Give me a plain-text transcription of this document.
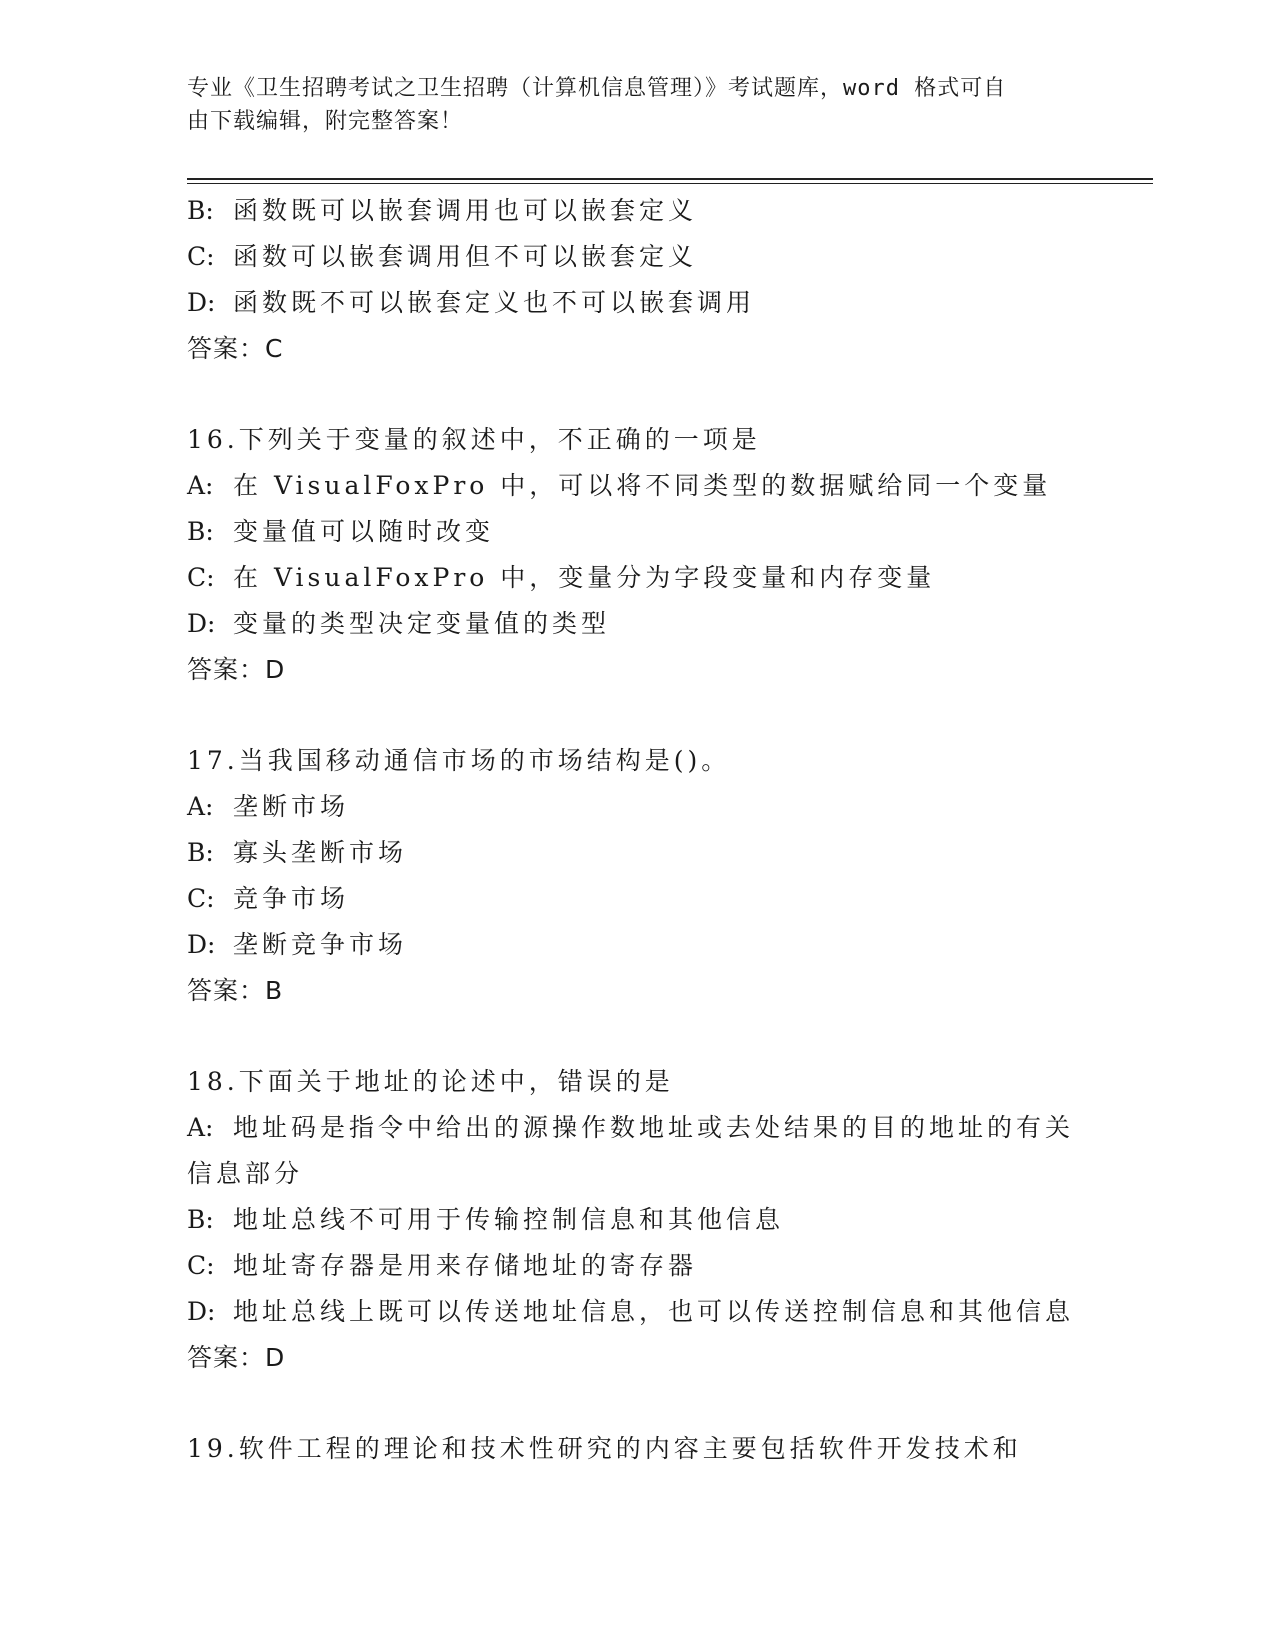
专业《卫生招聘考试之卫生招聘（计算机信息管理）》考试题库，word 格式可自
由下载编辑，附完整答案！
B: 函数既可以嵌套调用也可以嵌套定义
C: 函数可以嵌套调用但不可以嵌套定义
D: 函数既不可以嵌套定义也不可以嵌套调用
答案：C
16.下列关于变量的叙述中，不正确的一项是
A: 在 VisualFoxPro 中，可以将不同类型的数据赋给同一个变量
B: 变量值可以随时改变
C: 在 VisualFoxPro 中，变量分为字段变量和内存变量
D: 变量的类型决定变量值的类型
答案：D
17.当我国移动通信市场的市场结构是()。
A: 垄断市场
B: 寡头垄断市场
C: 竞争市场
D: 垄断竞争市场
答案：B
18.下面关于地址的论述中，错误的是
A: 地址码是指令中给出的源操作数地址或去处结果的目的地址的有关
信息部分
B: 地址总线不可用于传输控制信息和其他信息
C: 地址寄存器是用来存储地址的寄存器
D: 地址总线上既可以传送地址信息，也可以传送控制信息和其他信息
答案：D
19.软件工程的理论和技术性研究的内容主要包括软件开发技术和
